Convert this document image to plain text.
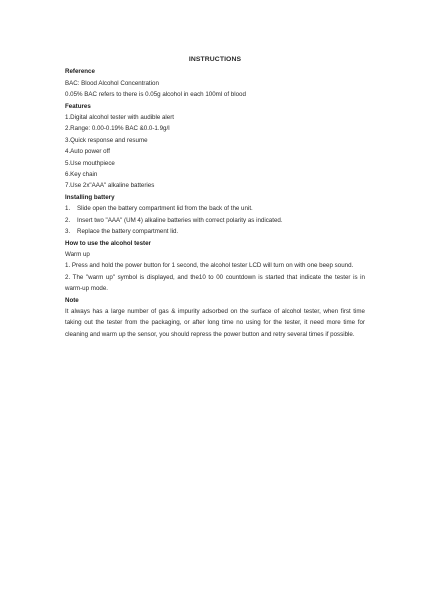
INSTRUCTIONS
Reference
BAC: Blood Alcohol Concentration
0.05% BAC refers to there is 0.05g alcohol in each 100ml of blood
Features
1.Digital alcohol tester with audible alert
2.Range: 0.00-0.19% BAC &0.0-1.9g/l
3.Quick response and resume
4.Auto power off
5.Use mouthpiece
6.Key chain
7.Use 2x"AAA" alkaline batteries
Installing battery
1.	Slide open the battery compartment lid from the back of the unit.
2.	Insert two "AAA" (UM 4) alkaline batteries with correct polarity as indicated.
3.	Replace the battery compartment lid.
How to use the alcohol tester
Warm up
1. Press and hold the power button for 1 second, the alcohol tester LCD will turn on with one beep sound.
2. The "warm up" symbol is displayed, and the10 to 00 countdown is started that indicate the tester is in warm-up mode.
Note
It always has a large number of gas & impurity adsorbed on the surface of alcohol tester, when first time taking out the tester from the packaging, or after long time no using for the tester, it need more time for cleaning and warm up the sensor, you should repress the power button and retry several times if possible.
